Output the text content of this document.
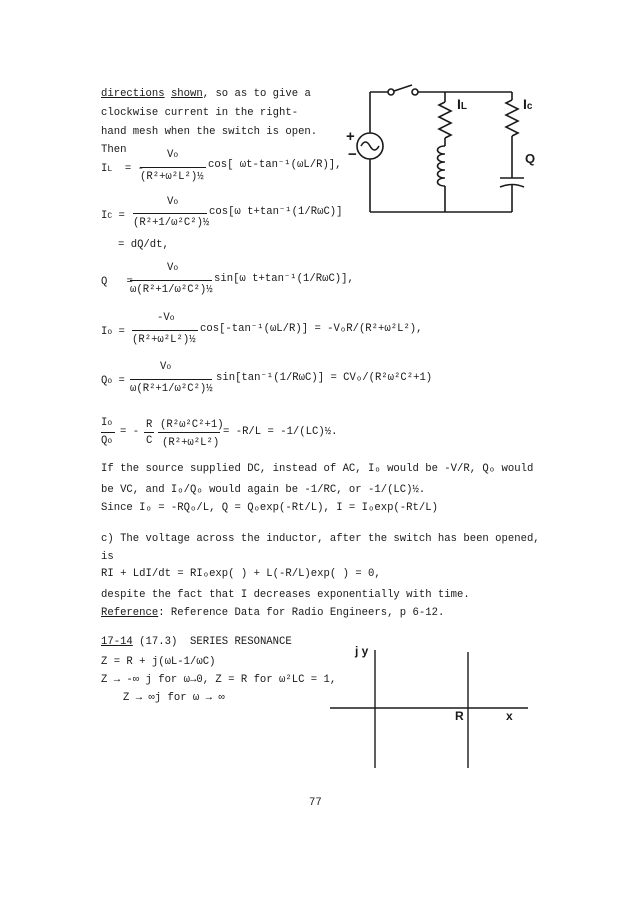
directions shown, so as to give a
clockwise current in the right-
hand mesh when the switch is open.
Then
+
−
IL	Ic
Q
IL = -
Vo
(R²+ω²L²)½
cos[ ωt-tan⁻¹(ωL/R)],
IC =
Vo
(R²+1/ω²C²)½
cos[ω t+tan⁻¹(1/RωC)]
= dQ/dt,
Q =
Vo
ω(R²+1/ω²C²)½
sin[ω t+tan⁻¹(1/RωC)],
Io =
-Vo
(R²+ω²L²)½
cos[-tan⁻¹(ωL/R)] = -VₒR/(R²+ω²L²),
Qo =
Vo
ω(R²+1/ω²C²)½
sin[tan⁻¹(1/RωC)] = CVₒ/(R²ω²C²+1)
Io
Qo
= -
R
C
(R²ω²C²+1)
(R²+ω²L²)
= -R/L = -1/(LC)½.
If the source supplied DC, instead of AC, Iₒ would be -V/R, Qₒ would
be VC, and Iₒ/Qₒ would again be -1/RC, or -1/(LC)½.
Since Iₒ = -RQₒ/L, Q = Qₒexp(-Rt/L), I = Iₒexp(-Rt/L)
c) The voltage across the inductor, after the switch has been opened,
is
RI + LdI/dt = RIₒexp( ) + L(-R/L)exp( ) = 0,
despite the fact that I decreases exponentially with time.
Reference: Reference Data for Radio Engineers, p 6-12.
17-14 (17.3)  SERIES RESONANCE
Z = R + j(ωL-1/ωC)
Z → -∞ j for ω→0, Z = R for ω²LC = 1,
Z → ∞j for ω → ∞
j y
R	x
77
